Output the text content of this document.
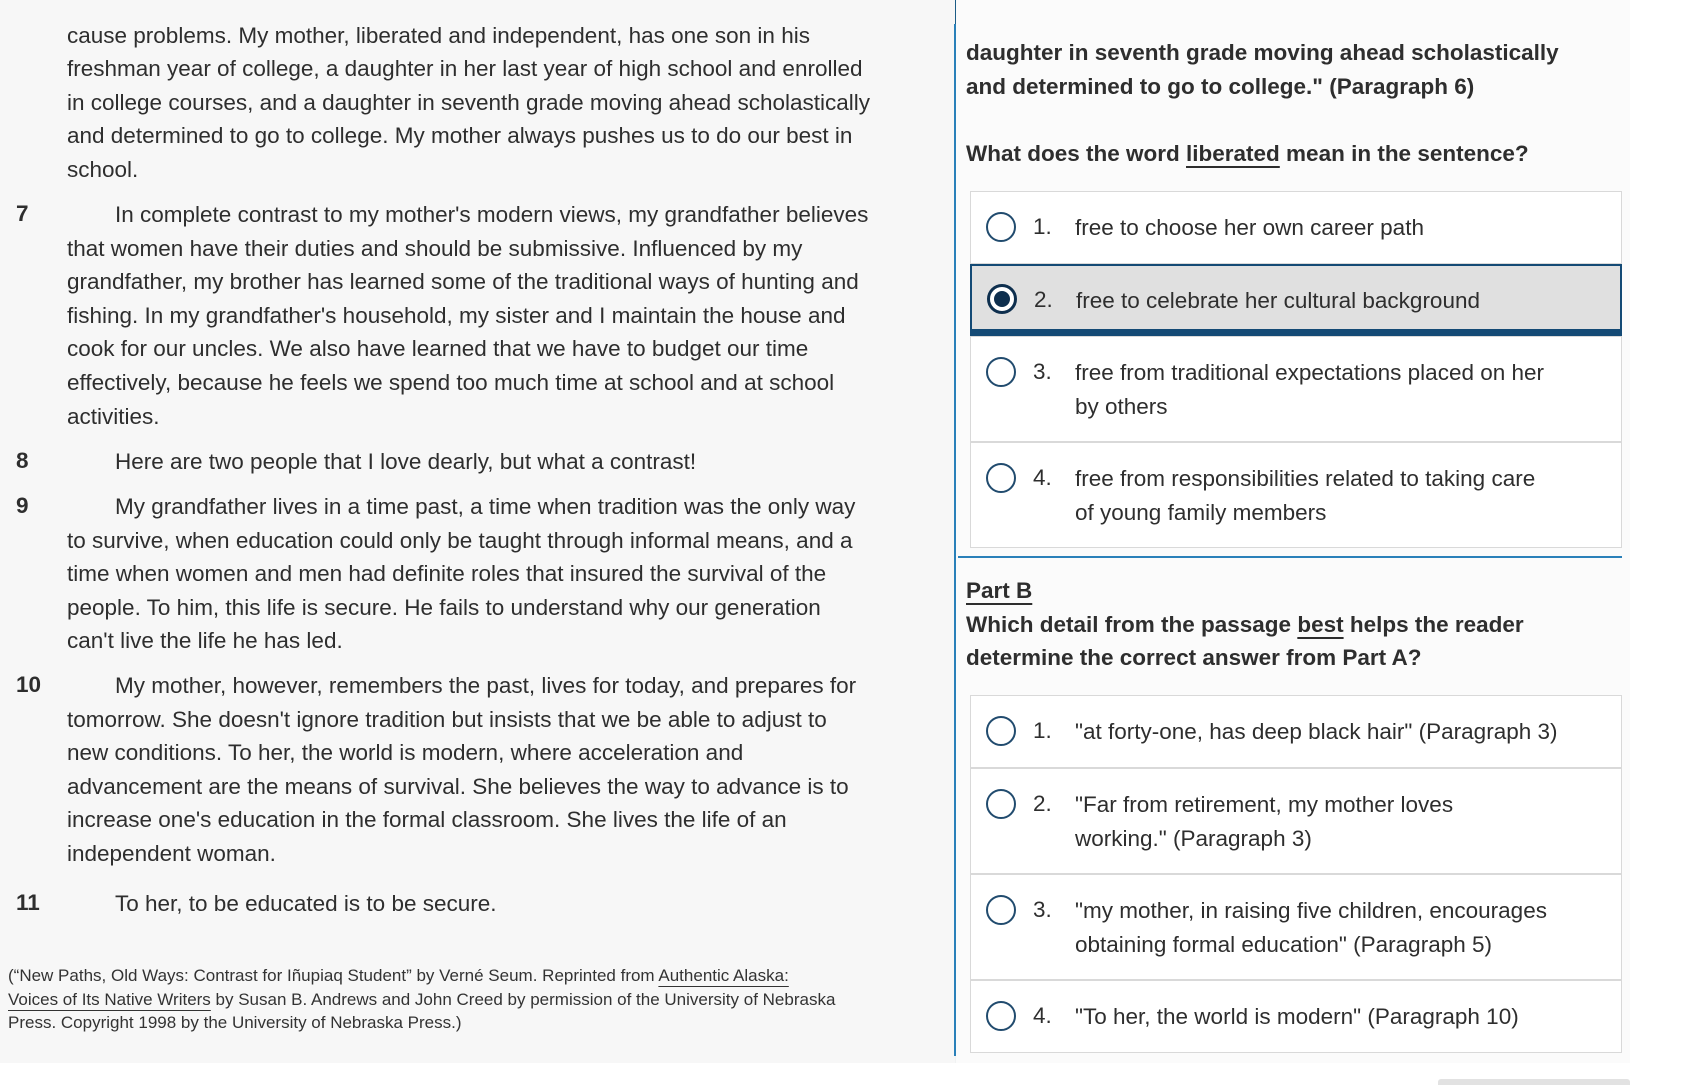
cause problems. My mother, liberated and independent, has one son in his
freshman year of college, a daughter in her last year of high school and enrolled
in college courses, and a daughter in seventh grade moving ahead scholastically
and determined to go to college. My mother always pushes us to do our best in
school.
7	In complete contrast to my mother's modern views, my grandfather believes
that women have their duties and should be submissive. Influenced by my
grandfather, my brother has learned some of the traditional ways of hunting and
fishing. In my grandfather's household, my sister and I maintain the house and
cook for our uncles. We also have learned that we have to budget our time
effectively, because he feels we spend too much time at school and at school
activities.
8	Here are two people that I love dearly, but what a contrast!
9	My grandfather lives in a time past, a time when tradition was the only way
to survive, when education could only be taught through informal means, and a
time when women and men had definite roles that insured the survival of the
people. To him, this life is secure. He fails to understand why our generation
can't live the life he has led.
10	My mother, however, remembers the past, lives for today, and prepares for
tomorrow. She doesn't ignore tradition but insists that we be able to adjust to
new conditions. To her, the world is modern, where acceleration and
advancement are the means of survival. She believes the way to advance is to
increase one's education in the formal classroom. She lives the life of an
independent woman.
11	To her, to be educated is to be secure.
(“New Paths, Old Ways: Contrast for Iñupiaq Student” by Verné Seum. Reprinted from Authentic Alaska:
Voices of Its Native Writers by Susan B. Andrews and John Creed by permission of the University of Nebraska
Press. Copyright 1998 by the University of Nebraska Press.)
daughter in seventh grade moving ahead scholastically
and determined to go to college." (Paragraph 6)
What does the word liberated mean in the sentence?
1. free to choose her own career path
2. free to celebrate her cultural background
3. free from traditional expectations placed on her
by others
4. free from responsibilities related to taking care
of young family members
Part B
Which detail from the passage best helps the reader
determine the correct answer from Part A?
1. "at forty-one, has deep black hair" (Paragraph 3)
2. "Far from retirement, my mother loves
working." (Paragraph 3)
3. "my mother, in raising five children, encourages
obtaining formal education" (Paragraph 5)
4. "To her, the world is modern" (Paragraph 10)
